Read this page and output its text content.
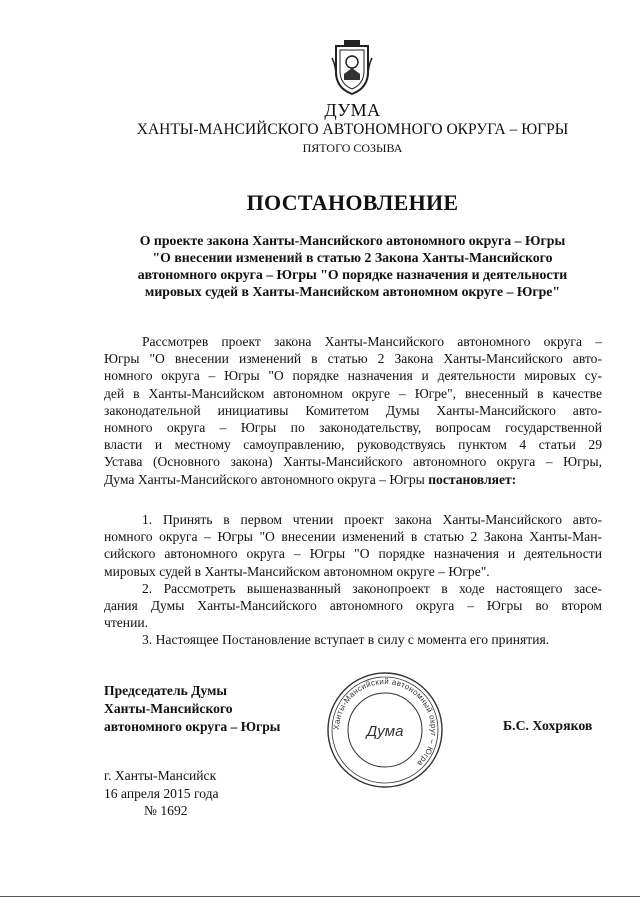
ДУМА
ХАНТЫ-МАНСИЙСКОГО АВТОНОМНОГО ОКРУГА – ЮГРЫ
ПЯТОГО СОЗЫВА
ПОСТАНОВЛЕНИЕ
О проекте закона Ханты-Мансийского автономного округа – Югры
"О внесении изменений в статью 2 Закона Ханты-Мансийского
автономного округа – Югры "О порядке назначения и деятельности
мировых судей в Ханты-Мансийском автономном округе – Югре"
Рассмотрев проект закона Ханты-Мансийского автономного округа –
Югры "О внесении изменений в статью 2 Закона Ханты-Мансийского авто-
номного округа – Югры "О порядке назначения и деятельности мировых су-
дей в Ханты-Мансийском автономном округе – Югре", внесенный в качестве
законодательной инициативы Комитетом Думы Ханты-Мансийского авто-
номного округа – Югры по законодательству, вопросам государственной
власти и местному самоуправлению, руководствуясь пунктом 4 статьи 29
Устава (Основного закона) Ханты-Мансийского автономного округа – Югры,
Дума Ханты-Мансийского автономного округа – Югры постановляет:
1. Принять в первом чтении проект закона Ханты-Мансийского авто-
номного округа – Югры "О внесении изменений в статью 2 Закона Ханты-Ман-
сийского автономного округа – Югры "О порядке назначения и деятельности
мировых судей в Ханты-Мансийском автономном округе – Югре".
2. Рассмотреть вышеназванный законопроект в ходе настоящего засе-
дания Думы Ханты-Мансийского автономного округа – Югры во втором
чтении.
3. Настоящее Постановление вступает в силу с момента его принятия.
Председатель Думы
Ханты-Мансийского
автономного округа – Югры	Ханты-Мансийский автономный округ – Югра
Дума	Б.С. Хохряков
г. Ханты-Мансийск
16 апреля 2015 года
№ 1692
